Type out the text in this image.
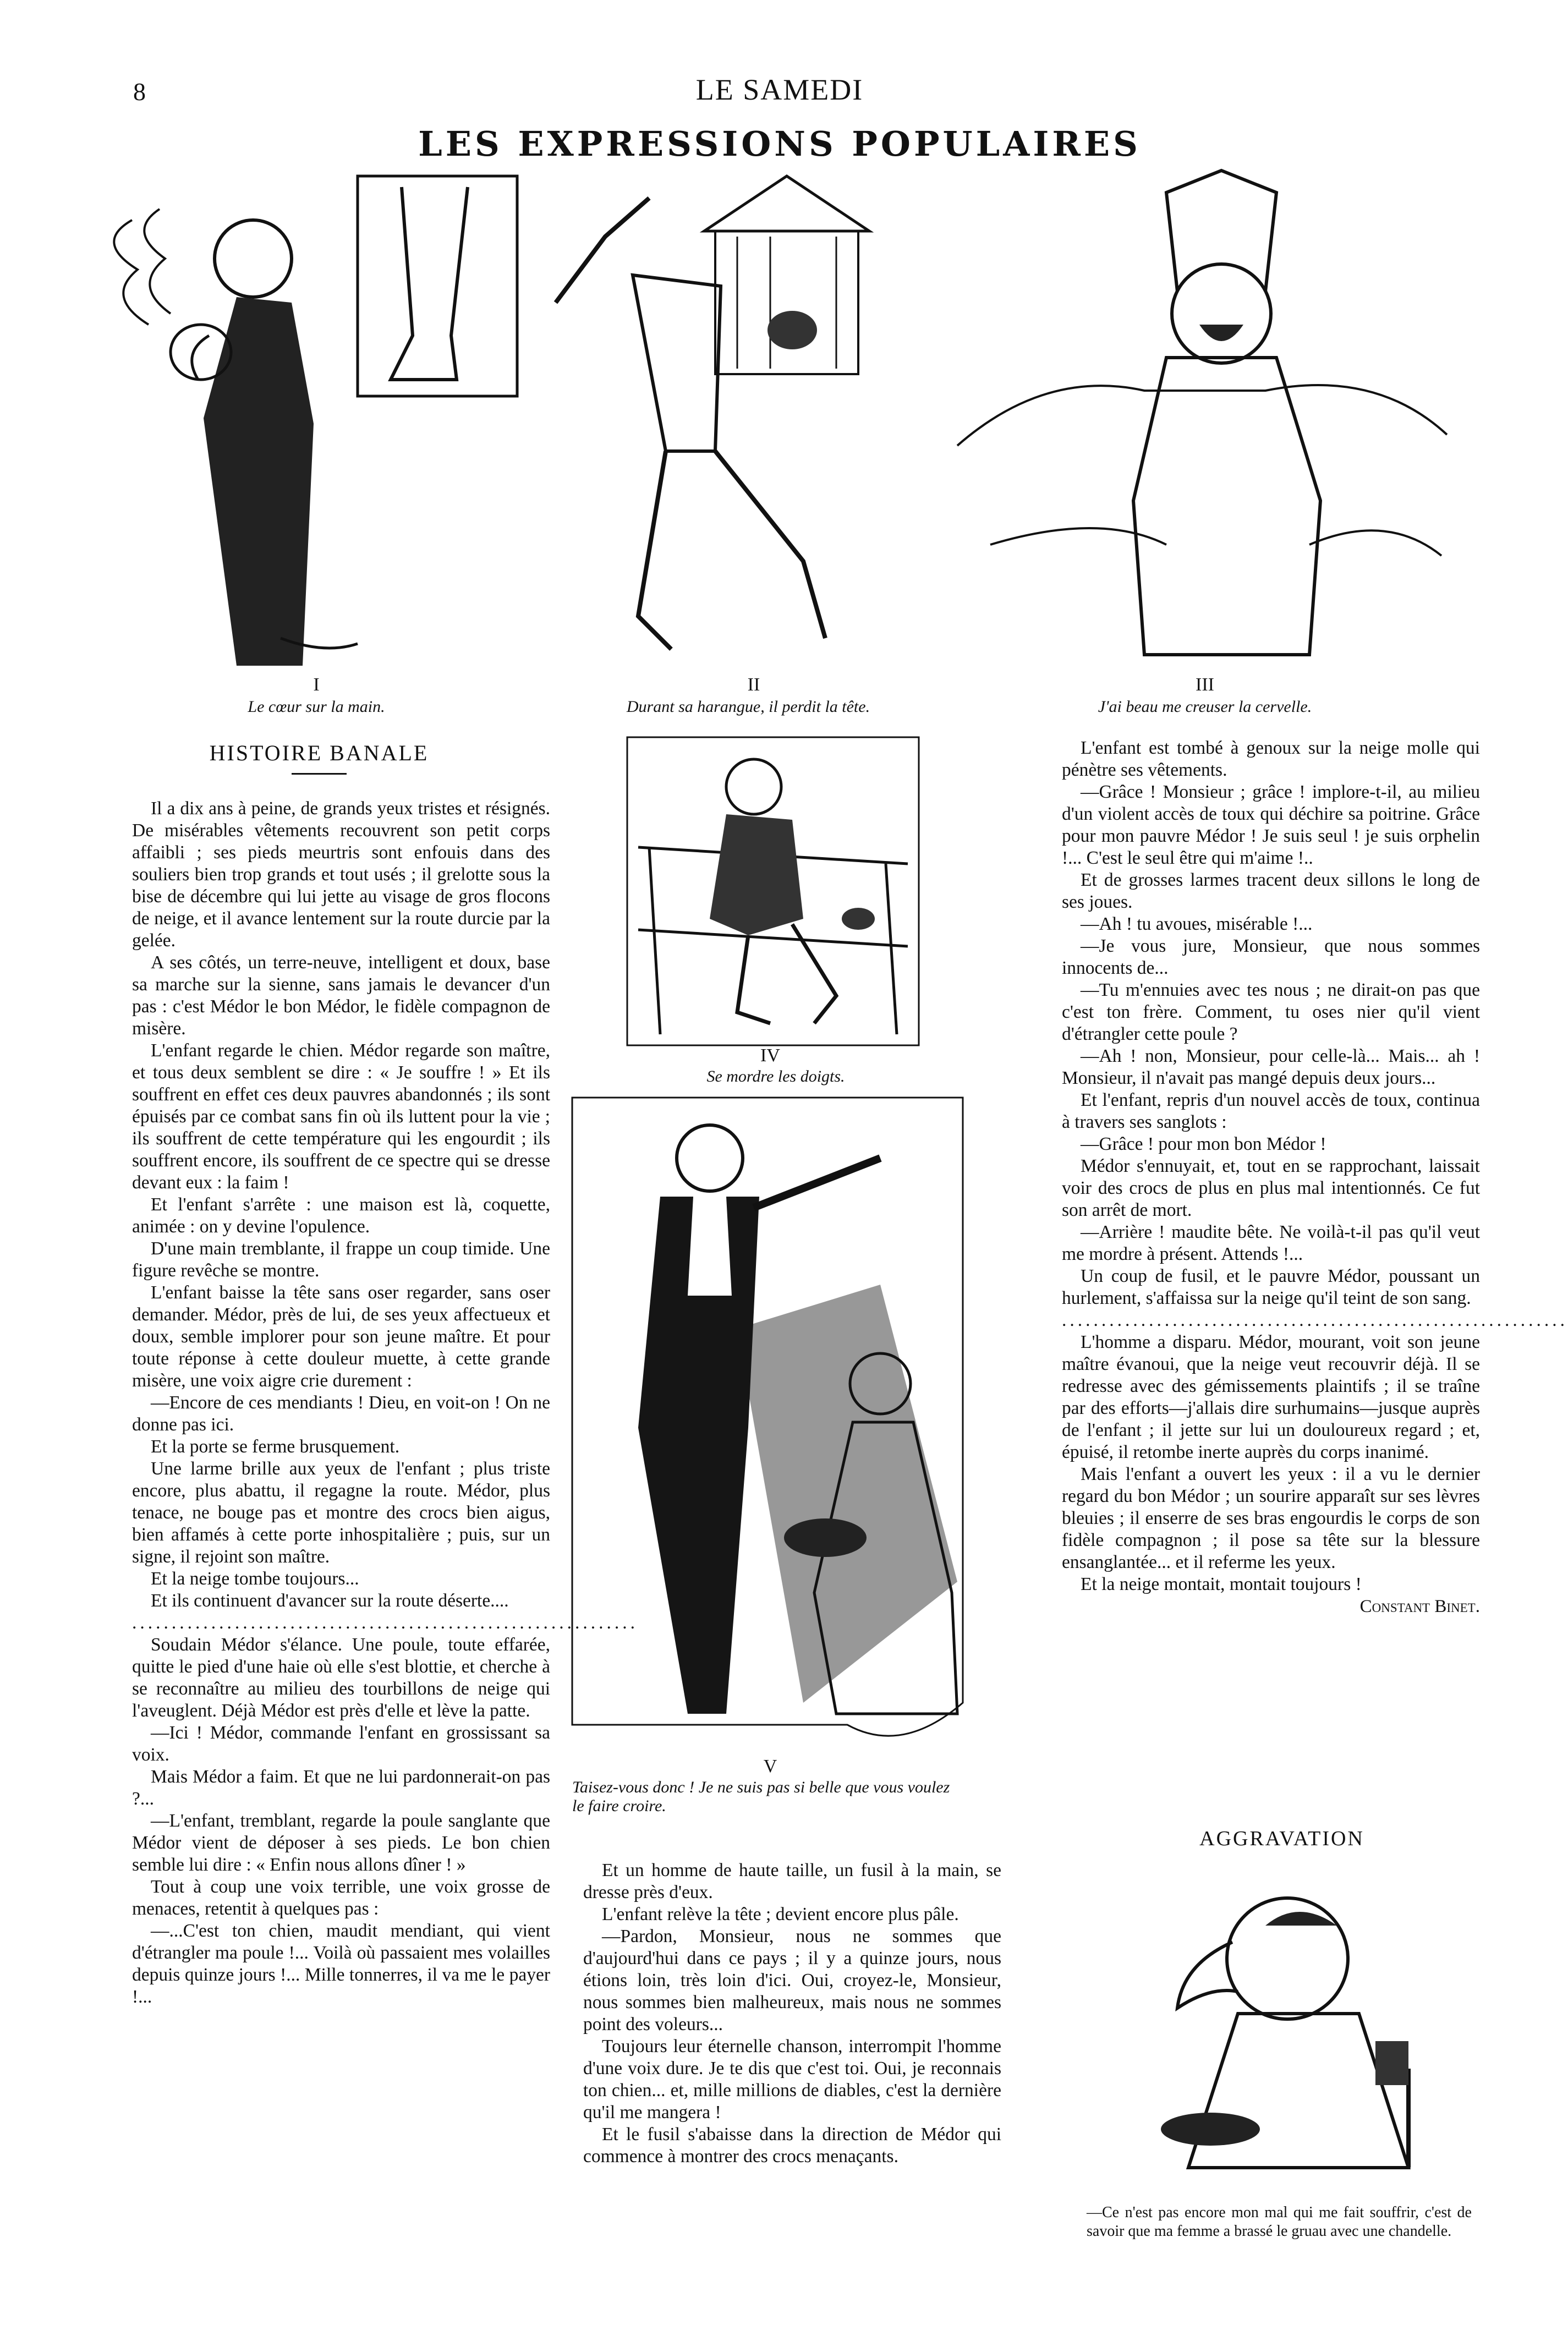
8	LE SAMEDI
LES EXPRESSIONS POPULAIRES
I
Le cœur sur la main.
II
Durant sa harangue, il perdit la tête.
III
J'ai beau me creuser la cervelle.
HISTOIRE BANALE

Il a dix ans à peine, de grands yeux tristes et résignés. De misérables vêtements recouvrent son petit corps affaibli ; ses pieds meurtris sont enfouis dans des souliers bien trop grands et tout usés ; il grelotte sous la bise de décembre qui lui jette au visage de gros flocons de neige, et il avance lentement sur la route durcie par la gelée.

A ses côtés, un terre-neuve, intelligent et doux, base sa marche sur la sienne, sans jamais le devancer d'un pas : c'est Médor le bon Médor, le fidèle compagnon de misère.

L'enfant regarde le chien. Médor regarde son maître, et tous deux semblent se dire : « Je souffre ! » Et ils souffrent en effet ces deux pauvres abandonnés ; ils sont épuisés par ce combat sans fin où ils luttent pour la vie ; ils souffrent de cette température qui les engourdit ; ils souffrent encore, ils souffrent de ce spectre qui se dresse devant eux : la faim !

Et l'enfant s'arrête : une maison est là, coquette, animée : on y devine l'opulence.

D'une main tremblante, il frappe un coup timide. Une figure revêche se montre.

L'enfant baisse la tête sans oser regarder, sans oser demander. Médor, près de lui, de ses yeux affectueux et doux, semble implorer pour son jeune maître. Et pour toute réponse à cette douleur muette, à cette grande misère, une voix aigre crie durement :

—Encore de ces mendiants ! Dieu, en voit-on ! On ne donne pas ici.

Et la porte se ferme brusquement.

Une larme brille aux yeux de l'enfant ; plus triste encore, plus abattu, il regagne la route. Médor, plus tenace, ne bouge pas et montre des crocs bien aigus, bien affamés à cette porte inhospitalière ; puis, sur un signe, il rejoint son maître.

Et la neige tombe toujours...

Et ils continuent d'avancer sur la route déserte....

................................................................

Soudain Médor s'élance. Une poule, toute effarée, quitte le pied d'une haie où elle s'est blottie, et cherche à se reconnaître au milieu des tourbillons de neige qui l'aveuglent. Déjà Médor est près d'elle et lève la patte.

—Ici ! Médor, commande l'enfant en grossissant sa voix.

Mais Médor a faim. Et que ne lui pardonnerait-on pas ?...

—L'enfant, tremblant, regarde la poule sanglante que Médor vient de déposer à ses pieds. Le bon chien semble lui dire : « Enfin nous allons dîner ! »

Tout à coup une voix terrible, une voix grosse de menaces, retentit à quelques pas :

—...C'est ton chien, maudit mendiant, qui vient d'étrangler ma poule !... Voilà où passaient mes volailles depuis quinze jours !... Mille tonnerres, il va me le payer !...

IV
Se mordre les doigts.
V
Taisez-vous donc ! Je ne suis pas si belle que vous voulez le faire croire.

Et un homme de haute taille, un fusil à la main, se dresse près d'eux.

L'enfant relève la tête ; devient encore plus pâle.

—Pardon, Monsieur, nous ne sommes que d'aujourd'hui dans ce pays ; il y a quinze jours, nous étions loin, très loin d'ici. Oui, croyez-le, Monsieur, nous sommes bien malheureux, mais nous ne sommes point des voleurs...

Toujours leur éternelle chanson, interrompit l'homme d'une voix dure. Je te dis que c'est toi. Oui, je reconnais ton chien... et, mille millions de diables, c'est la dernière qu'il me mangera !

Et le fusil s'abaisse dans la direction de Médor qui commence à montrer des crocs menaçants.

L'enfant est tombé à genoux sur la neige molle qui pénètre ses vêtements.

—Grâce ! Monsieur ; grâce ! implore-t-il, au milieu d'un violent accès de toux qui déchire sa poitrine. Grâce pour mon pauvre Médor ! Je suis seul ! je suis orphelin !... C'est le seul être qui m'aime !..

Et de grosses larmes tracent deux sillons le long de ses joues.

—Ah ! tu avoues, misérable !...

—Je vous jure, Monsieur, que nous sommes innocents de...

—Tu m'ennuies avec tes nous ; ne dirait-on pas que c'est ton frère. Comment, tu oses nier qu'il vient d'étrangler cette poule ?

—Ah ! non, Monsieur, pour celle-là... Mais... ah ! Monsieur, il n'avait pas mangé depuis deux jours...

Et l'enfant, repris d'un nouvel accès de toux, continua à travers ses sanglots :

—Grâce ! pour mon bon Médor !

Médor s'ennuyait, et, tout en se rapprochant, laissait voir des crocs de plus en plus mal intentionnés. Ce fut son arrêt de mort.

—Arrière ! maudite bête. Ne voilà-t-il pas qu'il veut me mordre à présent. Attends !...

Un coup de fusil, et le pauvre Médor, poussant un hurlement, s'affaissa sur la neige qu'il teint de son sang.

................................................................

L'homme a disparu. Médor, mourant, voit son jeune maître évanoui, que la neige veut recouvrir déjà. Il se redresse avec des gémissements plaintifs ; il se traîne par des efforts—j'allais dire surhumains—jusque auprès de l'enfant ; il jette sur lui un douloureux regard ; et, épuisé, il retombe inerte auprès du corps inanimé.

Mais l'enfant a ouvert les yeux : il a vu le dernier regard du bon Médor ; un sourire apparaît sur ses lèvres bleuies ; il enserre de ses bras engourdis le corps de son fidèle compagnon ; il pose sa tête sur la blessure ensanglantée... et il referme les yeux.

Et la neige montait, montait toujours !

Constant Binet.
AGGRAVATION
—Ce n'est pas encore mon mal qui me fait souffrir, c'est de savoir que ma femme a brassé le gruau avec une chandelle.
